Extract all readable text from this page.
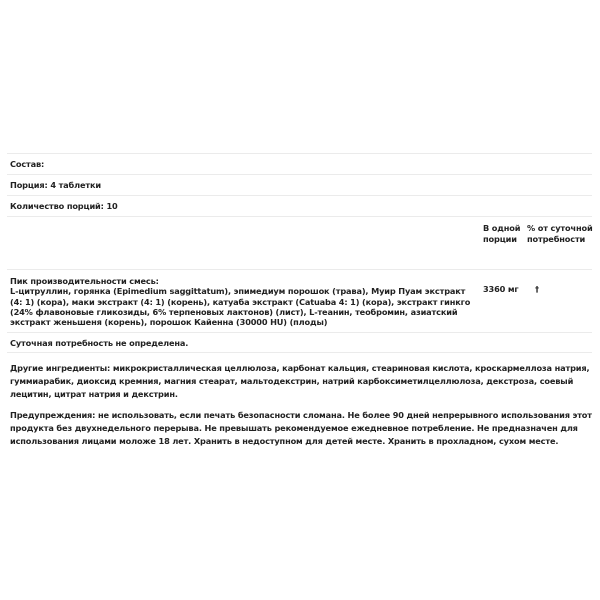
Состав:
Порция: 4 таблетки
Количество порций: 10
В одной порции
% от суточной потребности
Пик производительности смесь:
L-цитруллин, горянка (Epimedium saggittatum), эпимедиум порошок (трава), Муир Пуам экстракт (4: 1) (кора), маки экстракт (4: 1) (корень), катуаба экстракт (Catuaba 4: 1) (кора), экстракт гинкго (24% флавоновые гликозиды, 6% терпеновых лактонов) (лист), L-теанин, теобромин, азиатский экстракт женьшеня (корень), порошок Кайенна (30000 HU) (плоды)
3360 мг	†
Суточная потребность не определена.
Другие ингредиенты: микрокристаллическая целлюлоза, карбонат кальция, стеариновая кислота, кроскармеллоза натрия, гуммиарабик, диоксид кремния, магния стеарат, мальтодекстрин, натрий карбоксиметилцеллюлоза, декстроза, соевый лецитин, цитрат натрия и декстрин.
Предупреждения: не использовать, если печать безопасности сломана. Не более 90 дней непрерывного использования этот продукта без двухнедельного перерыва. Не превышать рекомендуемое ежедневное потребление. Не предназначен для использования лицами моложе 18 лет. Хранить в недоступном для детей месте. Хранить в прохладном, сухом месте.
